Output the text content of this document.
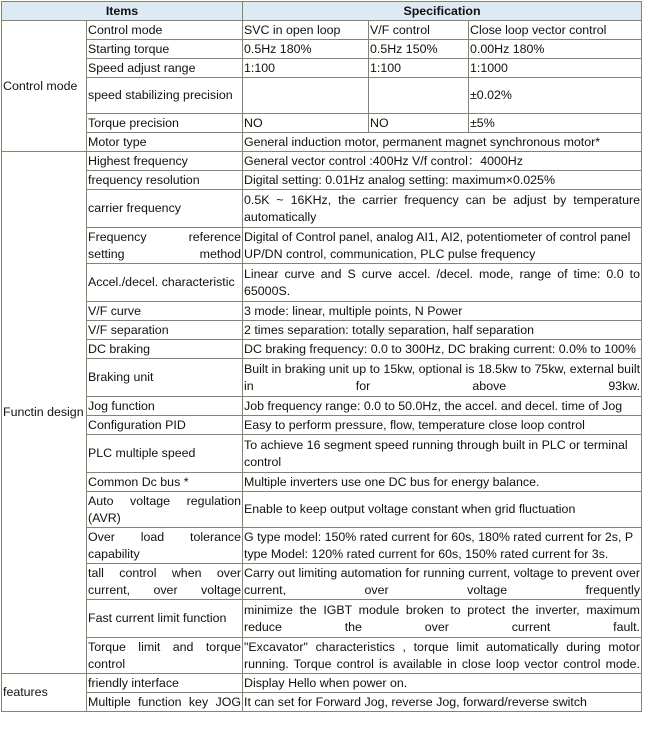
Items		Specification		
Control mode	Control mode	SVC in open loop	V/F control	Close loop vector control
	Starting torque	0.5Hz 180%	0.5Hz 150%	0.00Hz 180%
	Speed adjust range	1:100	1:100	1:1000
	speed stabilizing precision			±0.02%
	Torque precision	NO	NO	±5%
	Motor type	General induction motor, permanent magnet synchronous motor*		
Functin design	Highest frequency	General vector control :400Hz V/f control：4000Hz		
	frequency resolution	Digital setting: 0.01Hz analog setting: maximum×0.025%		
	carrier frequency	0.5K ~ 16KHz, the carrier frequency can be adjust by temperature automatically		
	Frequency reference setting method	Digital of Control panel, analog AI1, AI2, potentiometer of control panel UP/DN control, communication, PLC pulse frequency		
	Accel./decel. characteristic	Linear curve and S curve accel. /decel. mode, range of time: 0.0 to 65000S.		
	V/F curve	3 mode: linear, multiple points, N Power		
	V/F separation	2 times separation: totally separation, half separation		
	DC braking	DC braking frequency: 0.0 to 300Hz, DC braking current: 0.0% to 100%		
	Braking unit	Built in braking unit up to 15kw, optional is 18.5kw to 75kw, external built in for above 93kw.		
	Jog function	Job frequency range: 0.0 to 50.0Hz, the accel. and decel. time of Jog		
	Configuration PID	Easy to perform pressure, flow, temperature close loop control		
	PLC multiple speed	To achieve 16 segment speed running through built in PLC or terminal control		
	Common Dc bus *	Multiple inverters use one DC bus for energy balance.		
	Auto voltage regulation (AVR)	Enable to keep output voltage constant when grid fluctuation		
	Over load tolerance capability	G type model: 150% rated current for 60s, 180% rated current for 2s, P type Model: 120% rated current for 60s, 150% rated current for 3s.		
	tall control when over current, over voltage	Carry out limiting automation for running current, voltage to prevent over current, over voltage frequently		
	Fast current limit function	minimize the IGBT module broken to protect the inverter, maximum reduce the over current fault.		
	Torque limit and torque control	"Excavator" characteristics , torque limit automatically during motor running. Torque control is available in close loop vector control mode.		
features	friendly interface	Display Hello when power on.		
	Multiple function key JOG	It can set for Forward Jog, reverse Jog, forward/reverse switch		
